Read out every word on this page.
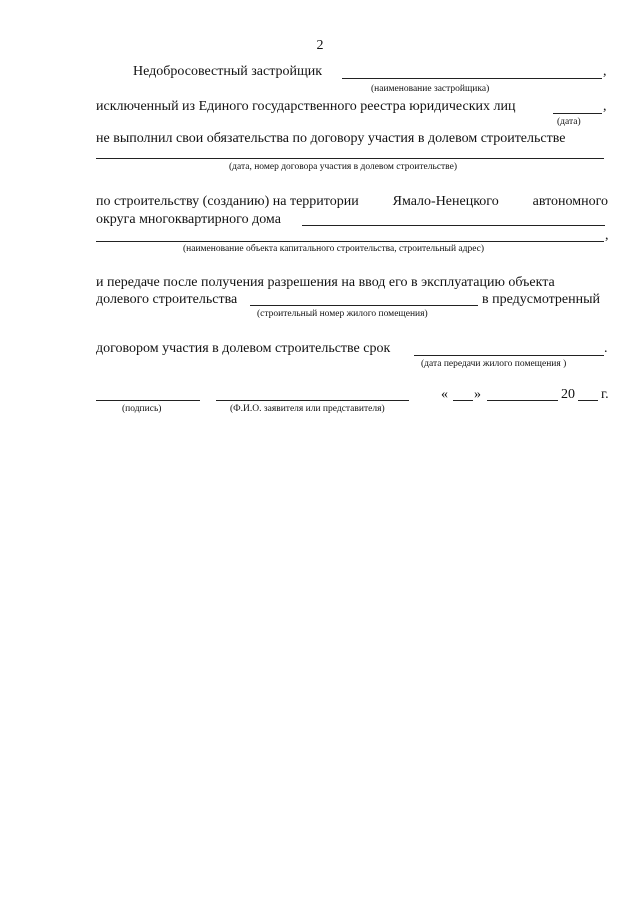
2
Недобросовестный застройщик	,
(наименование застройщика)
исключенный из Единого государственного реестра юридических лиц	,
(дата)
не выполнил свои обязательства по договору участия в долевом строительстве
(дата, номер договора участия в долевом строительстве)
по строительству (созданию) на территории Ямало-Ненецкого автономного
округа многоквартирного дома
,
(наименование объекта капитального строительства, строительный адрес)
и передаче после получения разрешения на ввод его в эксплуатацию объекта
долевого строительства	в предусмотренный
(строительный номер жилого помещения)
договором участия в долевом строительстве срок	.
(дата передачи жилого помещения )
« »	20 г.
(подпись)	(Ф.И.О. заявителя или представителя)
